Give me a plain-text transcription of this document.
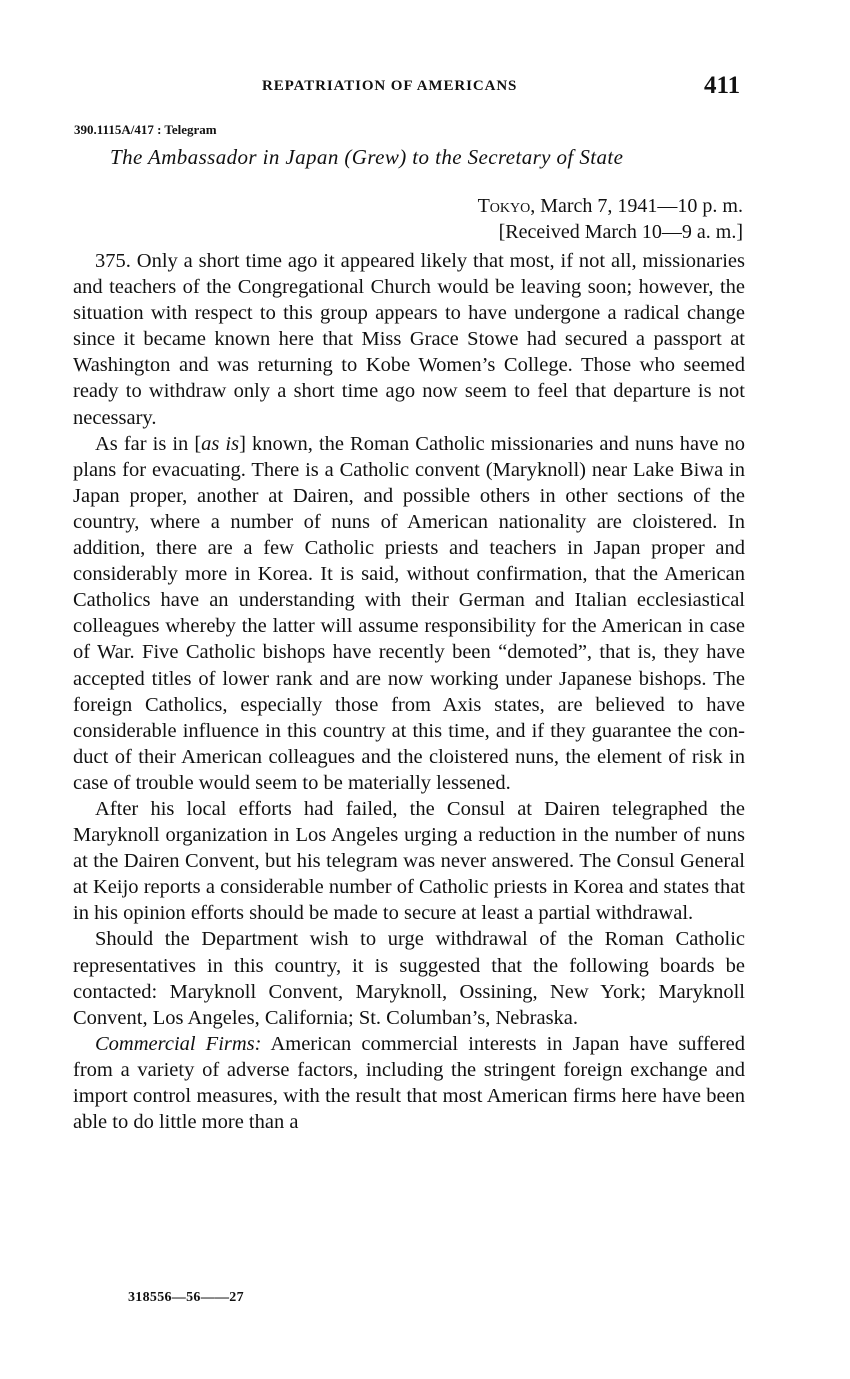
REPATRIATION OF AMERICANS	411
390.1115A/417 : Telegram
The Ambassador in Japan (Grew) to the Secretary of State
Tokyo, March 7, 1941—10 p. m.
[Received March 10—9 a. m.]

375. Only a short time ago it appeared likely that most, if not all, missionaries and teachers of the Congregational Church would be leaving soon; however, the situation with respect to this group appears to have undergone a radical change since it became known here that Miss Grace Stowe had secured a passport at Washington and was returning to Kobe Women’s College. Those who seemed ready to withdraw only a short time ago now seem to feel that departure is not necessary.

As far is in [as is] known, the Roman Catholic missionaries and nuns have no plans for evacuating. There is a Catholic convent (Maryknoll) near Lake Biwa in Japan proper, another at Dairen, and possible others in other sections of the country, where a number of nuns of American nationality are cloistered. In addition, there are a few Catholic priests and teachers in Japan proper and considerably more in Korea. It is said, without confirmation, that the American Catholics have an understanding with their German and Italian ecclesiastical colleagues whereby the latter will assume responsibility for the American in case of War. Five Catholic bishops have recently been “demoted”, that is, they have accepted titles of lower rank and are now working under Japanese bishops. The foreign Catholics, especially those from Axis states, are believed to have considerable influence in this country at this time, and if they guarantee the conduct of their American colleagues and the cloistered nuns, the element of risk in case of trouble would seem to be materially lessened.

After his local efforts had failed, the Consul at Dairen telegraphed the Maryknoll organization in Los Angeles urging a reduction in the number of nuns at the Dairen Convent, but his telegram was never answered. The Consul General at Keijo reports a considerable number of Catholic priests in Korea and states that in his opinion efforts should be made to secure at least a partial withdrawal.

Should the Department wish to urge withdrawal of the Roman Catholic representatives in this country, it is suggested that the following boards be contacted: Maryknoll Convent, Maryknoll, Ossining, New York; Maryknoll Convent, Los Angeles, California; St. Columban’s, Nebraska.

Commercial Firms: American commercial interests in Japan have suffered from a variety of adverse factors, including the stringent foreign exchange and import control measures, with the result that most American firms here have been able to do little more than a

318556—56——27
